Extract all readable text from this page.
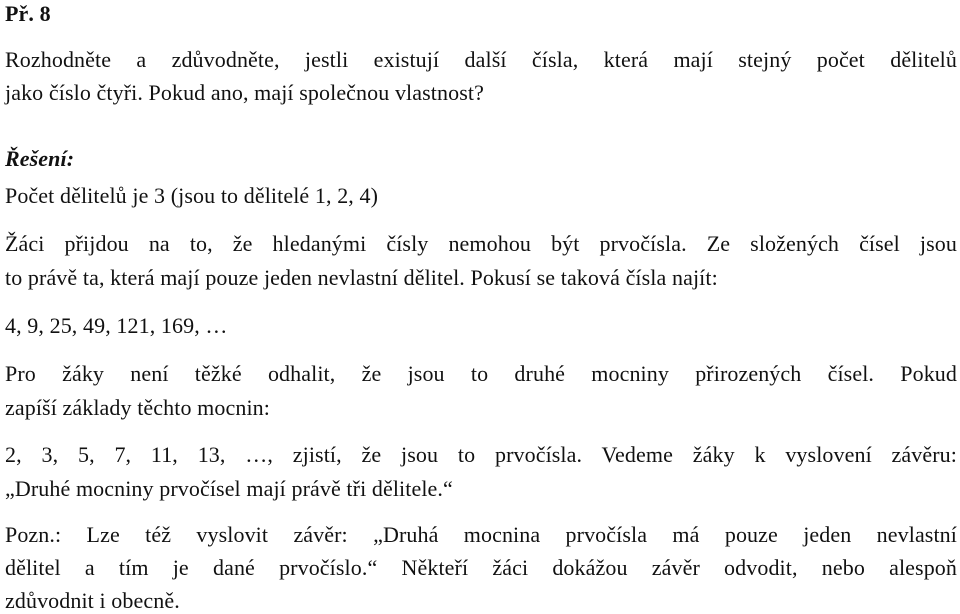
Př. 8
Rozhodněte a zdůvodněte, jestli existují další čísla, která mají stejný počet dělitelů
jako číslo čtyři. Pokud ano, mají společnou vlastnost?
Řešení:
Počet dělitelů je 3 (jsou to dělitelé 1, 2, 4)
Žáci přijdou na to, že hledanými čísly nemohou být prvočísla. Ze složených čísel jsou
to právě ta, která mají pouze jeden nevlastní dělitel. Pokusí se taková čísla najít:
4, 9, 25, 49, 121, 169, …
Pro žáky není těžké odhalit, že jsou to druhé mocniny přirozených čísel. Pokud
zapíší základy těchto mocnin:
2, 3, 5, 7, 11, 13, …, zjistí, že jsou to prvočísla. Vedeme žáky k vyslovení závěru:
„Druhé mocniny prvočísel mají právě tři dělitele.“
Pozn.: Lze též vyslovit závěr: „Druhá mocnina prvočísla má pouze jeden nevlastní
dělitel a tím je dané prvočíslo.“ Někteří žáci dokážou závěr odvodit, nebo alespoň
zdůvodnit i obecně.
